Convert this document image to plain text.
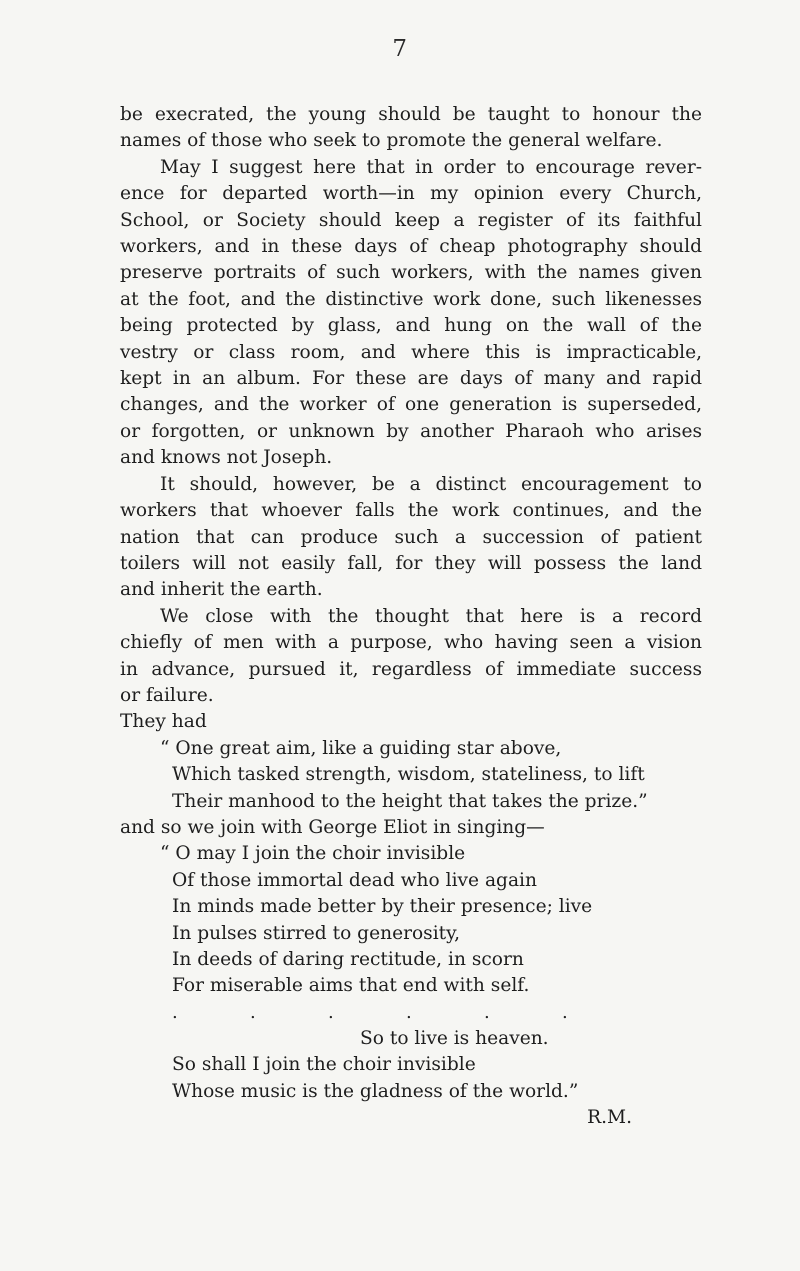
7
be execrated, the young should be taught to honour the
names of those who seek to promote the general welfare.
May I suggest here that in order to encourage rever-
ence for departed worth—in my opinion every Church,
School, or Society should keep a register of its faithful
workers, and in these days of cheap photography should
preserve portraits of such workers, with the names given
at the foot, and the distinctive work done, such likenesses
being protected by glass, and hung on the wall of the
vestry or class room, and where this is impracticable,
kept in an album. For these are days of many and rapid
changes, and the worker of one generation is superseded,
or forgotten, or unknown by another Pharaoh who arises
and knows not Joseph.
It should, however, be a distinct encouragement to
workers that whoever falls the work continues, and the
nation that can produce such a succession of patient
toilers will not easily fall, for they will possess the land
and inherit the earth.
We close with the thought that here is a record
chiefly of men with a purpose, who having seen a vision
in advance, pursued it, regardless of immediate success
or failure.
They had
“ One great aim, like a guiding star above,
Which tasked strength, wisdom, stateliness, to lift
Their manhood to the height that takes the prize.”
and so we join with George Eliot in singing—
“ O may I join the choir invisible
Of those immortal dead who live again
In minds made better by their presence; live
In pulses stirred to generosity,
In deeds of daring rectitude, in scorn
For miserable aims that end with self.
.	.	.	.	.	.
So to live is heaven.
So shall I join the choir invisible
Whose music is the gladness of the world.”
R.M.
